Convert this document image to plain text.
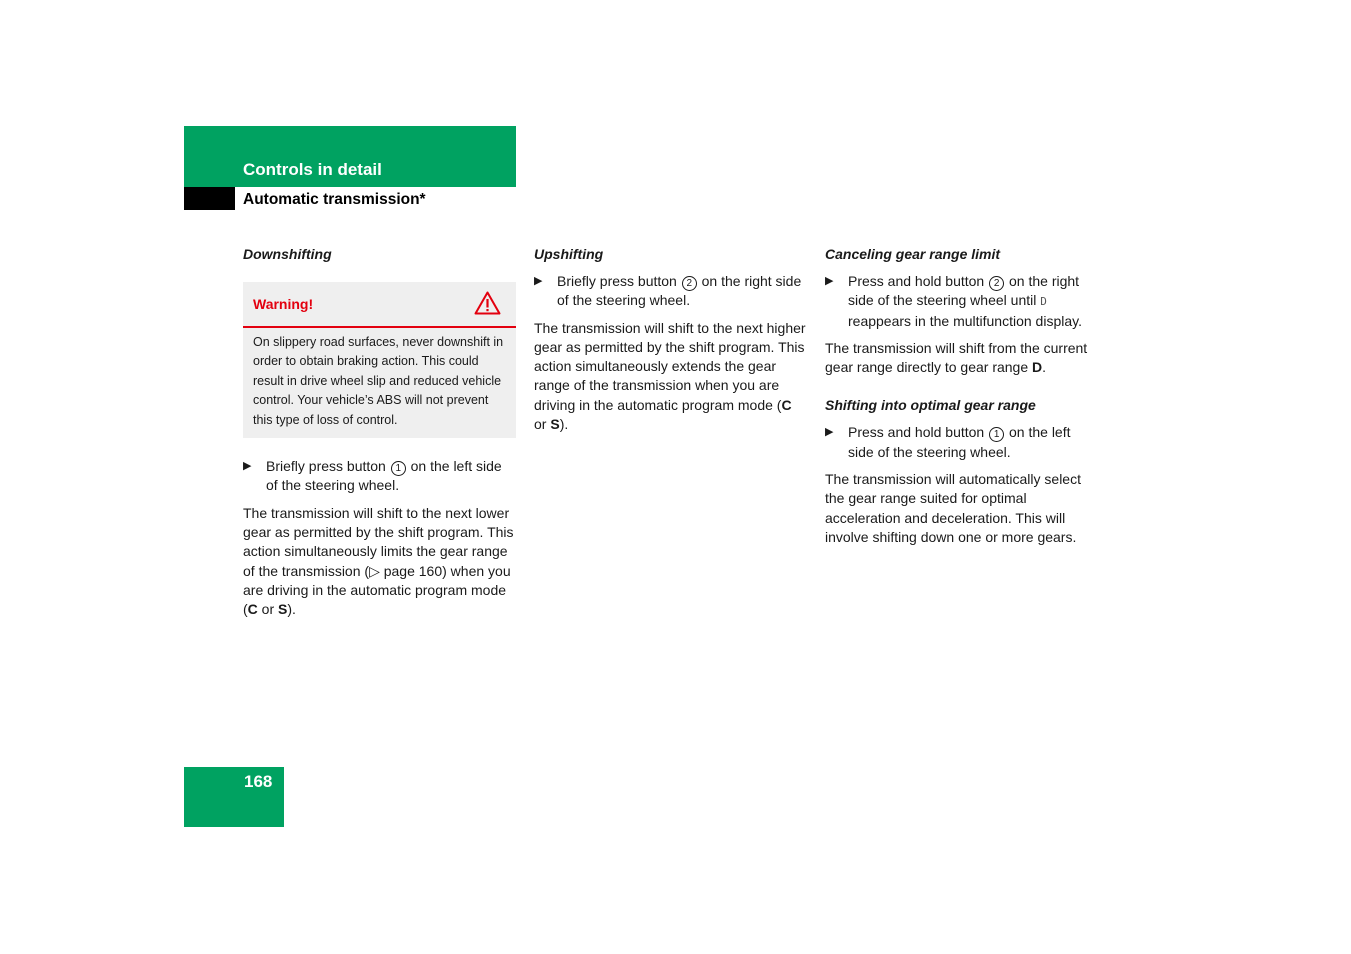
Controls in detail
Automatic transmission*
Downshifting
Warning!
On slippery road surfaces, never downshift in order to obtain braking action. This could result in drive wheel slip and reduced vehicle control. Your vehicle’s ABS will not prevent this type of loss of control.
▶ Briefly press button 1 on the left side of the steering wheel.

The transmission will shift to the next lower gear as permitted by the shift program. This action simultaneously limits the gear range of the transmission (▷ page 160) when you are driving in the automatic program mode (C or S).

Upshifting
▶ Briefly press button 2 on the right side of the steering wheel.

The transmission will shift to the next higher gear as permitted by the shift program. This action simultaneously extends the gear range of the transmission when you are driving in the automatic program mode (C or S).

Canceling gear range limit
▶ Press and hold button 2 on the right side of the steering wheel until D reappears in the multifunction display.

The transmission will shift from the current gear range directly to gear range D.

Shifting into optimal gear range
▶ Press and hold button 1 on the left side of the steering wheel.

The transmission will automatically select the gear range suited for optimal acceleration and deceleration. This will involve shifting down one or more gears.

168
